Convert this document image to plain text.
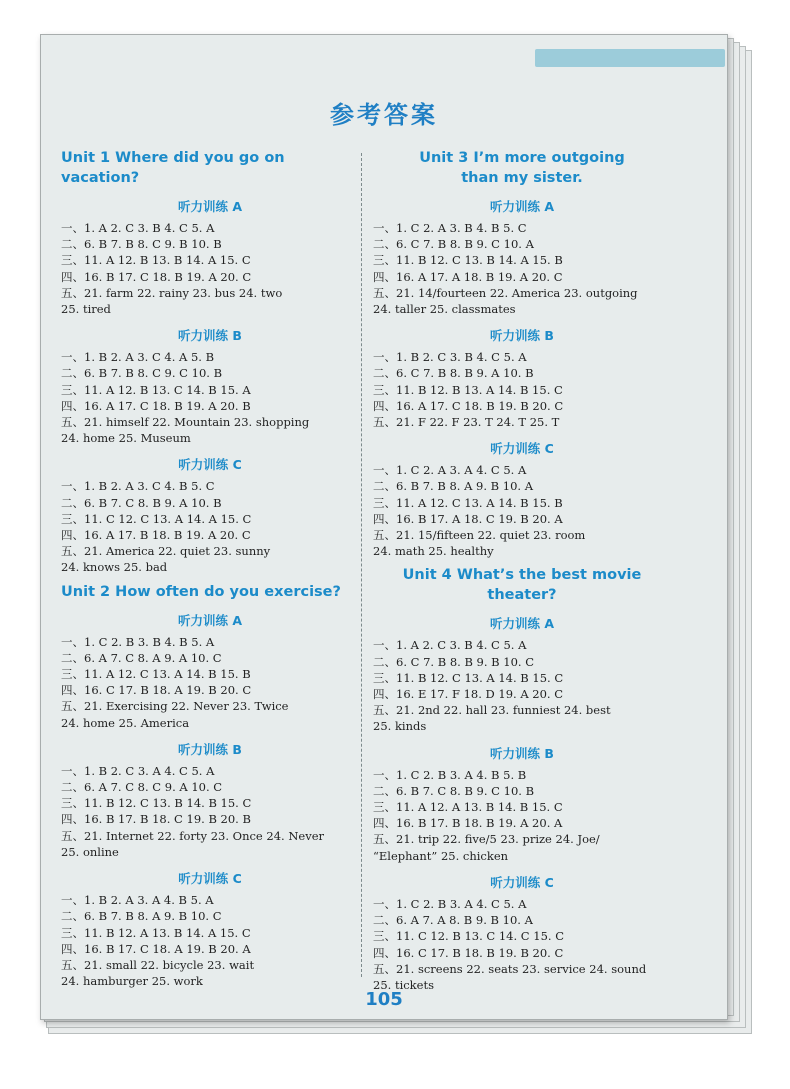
参考答案
Unit 1 Where did you go on vacation?
听力训练 A
一、1. A 2. C 3. B 4. C 5. A
二、6. B 7. B 8. C 9. B 10. B
三、11. A 12. B 13. B 14. A 15. C
四、16. B 17. C 18. B 19. A 20. C
五、21. farm 22. rainy 23. bus 24. two
25. tired
听力训练 B
一、1. B 2. A 3. C 4. A 5. B
二、6. B 7. B 8. C 9. C 10. B
三、11. A 12. B 13. C 14. B 15. A
四、16. A 17. C 18. B 19. A 20. B
五、21. himself 22. Mountain 23. shopping
24. home 25. Museum
听力训练 C
一、1. B 2. A 3. C 4. B 5. C
二、6. B 7. C 8. B 9. A 10. B
三、11. C 12. C 13. A 14. A 15. C
四、16. A 17. B 18. B 19. A 20. C
五、21. America 22. quiet 23. sunny
24. knows 25. bad
Unit 2 How often do you exercise?
听力训练 A
一、1. C 2. B 3. B 4. B 5. A
二、6. A 7. C 8. A 9. A 10. C
三、11. A 12. C 13. A 14. B 15. B
四、16. C 17. B 18. A 19. B 20. C
五、21. Exercising 22. Never 23. Twice
24. home 25. America
听力训练 B
一、1. B 2. C 3. A 4. C 5. A
二、6. A 7. C 8. C 9. A 10. C
三、11. B 12. C 13. B 14. B 15. C
四、16. B 17. B 18. C 19. B 20. B
五、21. Internet 22. forty 23. Once 24. Never
25. online
听力训练 C
一、1. B 2. A 3. A 4. B 5. A
二、6. B 7. B 8. A 9. B 10. C
三、11. B 12. A 13. B 14. A 15. C
四、16. B 17. C 18. A 19. B 20. A
五、21. small 22. bicycle 23. wait
24. hamburger 25. work
Unit 3 I’m more outgoing
than my sister.
听力训练 A
一、1. C 2. A 3. B 4. B 5. C
二、6. C 7. B 8. B 9. C 10. A
三、11. B 12. C 13. B 14. A 15. B
四、16. A 17. A 18. B 19. A 20. C
五、21. 14/fourteen 22. America 23. outgoing
24. taller 25. classmates
听力训练 B
一、1. B 2. C 3. B 4. C 5. A
二、6. C 7. B 8. B 9. A 10. B
三、11. B 12. B 13. A 14. B 15. C
四、16. A 17. C 18. B 19. B 20. C
五、21. F 22. F 23. T 24. T 25. T
听力训练 C
一、1. C 2. A 3. A 4. C 5. A
二、6. B 7. B 8. A 9. B 10. A
三、11. A 12. C 13. A 14. B 15. B
四、16. B 17. A 18. C 19. B 20. A
五、21. 15/fifteen 22. quiet 23. room
24. math 25. healthy
Unit 4 What’s the best movie theater?
听力训练 A
一、1. A 2. C 3. B 4. C 5. A
二、6. C 7. B 8. B 9. B 10. C
三、11. B 12. C 13. A 14. B 15. C
四、16. E 17. F 18. D 19. A 20. C
五、21. 2nd 22. hall 23. funniest 24. best
25. kinds
听力训练 B
一、1. C 2. B 3. A 4. B 5. B
二、6. B 7. C 8. B 9. C 10. B
三、11. A 12. A 13. B 14. B 15. C
四、16. B 17. B 18. B 19. A 20. A
五、21. trip 22. five/5 23. prize 24. Joe/
“Elephant” 25. chicken
听力训练 C
一、1. C 2. B 3. A 4. C 5. A
二、6. A 7. A 8. B 9. B 10. A
三、11. C 12. B 13. C 14. C 15. C
四、16. C 17. B 18. B 19. B 20. C
五、21. screens 22. seats 23. service 24. sound
25. tickets
105
